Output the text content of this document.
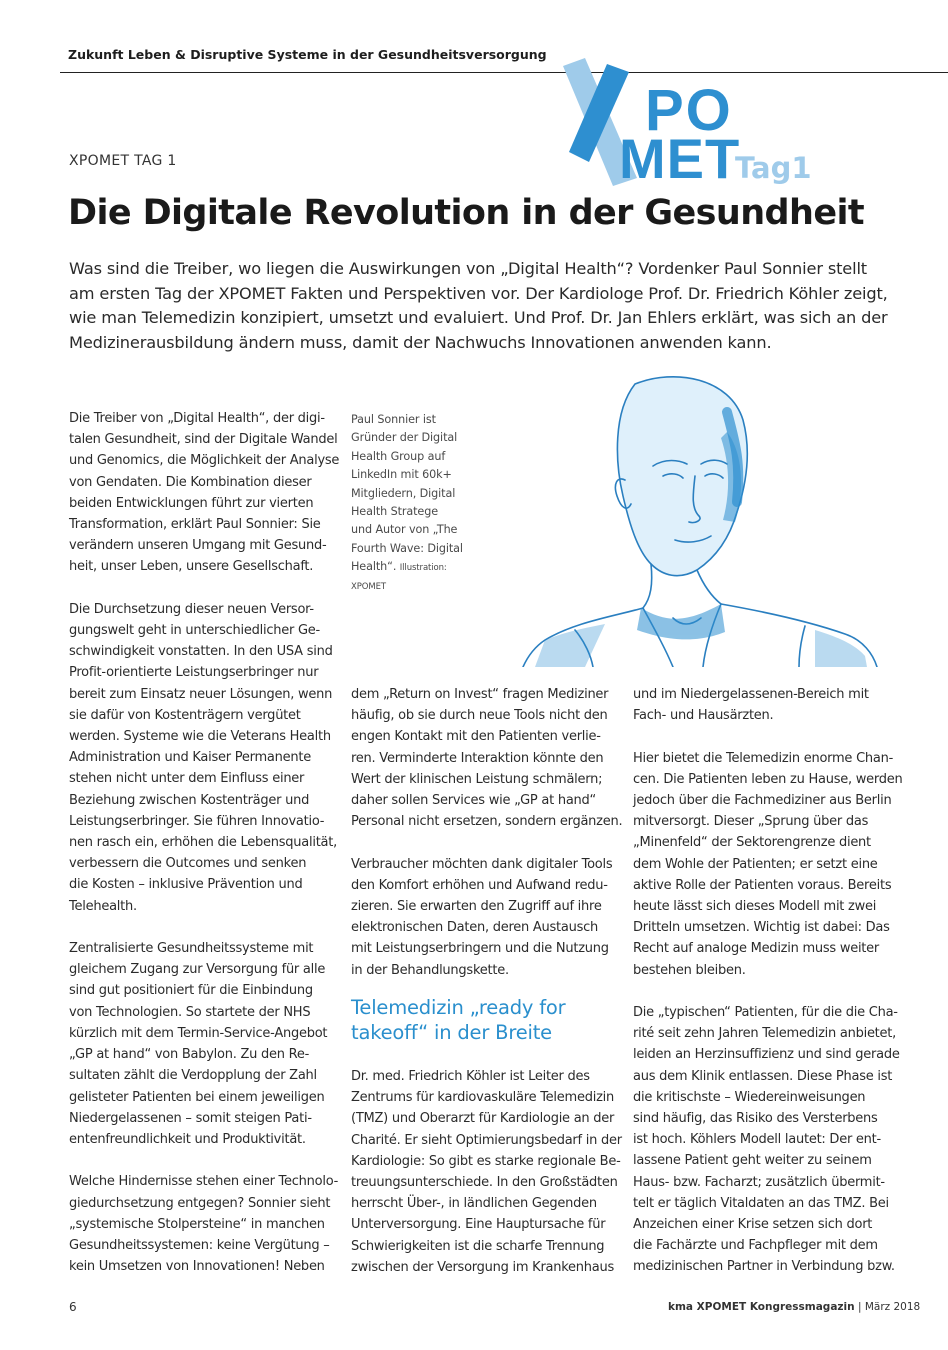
Zukunft Leben & Disruptive Systeme in der Gesundheitsversorgung
PO
MET
Tag1
XPOMET TAG 1
Die Digitale Revolution in der Gesundheit
Was sind die Treiber, wo liegen die Auswirkungen von „Digital Health“? Vordenker Paul Sonnier stellt
am ersten Tag der XPOMET Fakten und Perspektiven vor. Der Kardiologe Prof. Dr. Friedrich Köhler zeigt,
wie man Telemedizin konzipiert, umsetzt und evaluiert. Und Prof. Dr. Jan Ehlers erklärt, was sich an der
Medizinerausbildung ändern muss, damit der Nachwuchs Innovationen anwenden kann.
Paul Sonnier ist
Gründer der Digital
Health Group auf
LinkedIn mit 60k+
Mitgliedern, Digital
Health Stratege
und Autor von „The
Fourth Wave: Digital
Health“. Illustration:
XPOMET
Die Treiber von „Digital Health“, der digi-
talen Gesundheit, sind der Digitale Wandel
und Genomics, die Möglichkeit der Analyse
von Gendaten. Die Kombination dieser
beiden Entwicklungen führt zur vierten
Transformation, erklärt Paul Sonnier: Sie
verändern unseren Umgang mit Gesund-
heit, unser Leben, unsere Gesellschaft.

Die Durchsetzung dieser neuen Versor-
gungswelt geht in unterschiedlicher Ge-
schwindigkeit vonstatten. In den USA sind
Profit-orientierte Leistungserbringer nur
bereit zum Einsatz neuer Lösungen, wenn
sie dafür von Kostenträgern vergütet
werden. Systeme wie die Veterans Health
Administration und Kaiser Permanente
stehen nicht unter dem Einfluss einer
Beziehung zwischen Kostenträger und
Leistungserbringer. Sie führen Innovatio-
nen rasch ein, erhöhen die Lebensqualität,
verbessern die Outcomes und senken
die Kosten – inklusive Prävention und
Telehealth.

Zentralisierte Gesundheitssysteme mit
gleichem Zugang zur Versorgung für alle
sind gut positioniert für die Einbindung
von Technologien. So startete der NHS
kürzlich mit dem Termin-Service-Angebot
„GP at hand“ von Babylon. Zu den Re-
sultaten zählt die Verdopplung der Zahl
gelisteter Patienten bei einem jeweiligen
Niedergelassenen – somit steigen Pati-
entenfreundlichkeit und Produktivität.

Welche Hindernisse stehen einer Technolo-
giedurchsetzung entgegen? Sonnier sieht
„systemische Stolpersteine“ in manchen
Gesundheitssystemen: keine Vergütung –
kein Umsetzen von Innovationen! Neben
dem „Return on Invest“ fragen Mediziner
häufig, ob sie durch neue Tools nicht den
engen Kontakt mit den Patienten verlie-
ren. Verminderte Interaktion könnte den
Wert der klinischen Leistung schmälern;
daher sollen Services wie „GP at hand“
Personal nicht ersetzen, sondern ergänzen.

Verbraucher möchten dank digitaler Tools
den Komfort erhöhen und Aufwand redu-
zieren. Sie erwarten den Zugriff auf ihre
elektronischen Daten, deren Austausch
mit Leistungserbringern und die Nutzung
in der Behandlungskette.
Telemedizin „ready for
takeoff“ in der Breite
Dr. med. Friedrich Köhler ist Leiter des
Zentrums für kardiovaskuläre Telemedizin
(TMZ) und Oberarzt für Kardiologie an der
Charité. Er sieht Optimierungsbedarf in der
Kardiologie: So gibt es starke regionale Be-
treuungsunterschiede. In den Großstädten
herrscht Über-, in ländlichen Gegenden
Unterversorgung. Eine Hauptursache für
Schwierigkeiten ist die scharfe Trennung
zwischen der Versorgung im Krankenhaus
und im Niedergelassenen-Bereich mit
Fach- und Hausärzten.

Hier bietet die Telemedizin enorme Chan-
cen. Die Patienten leben zu Hause, werden
jedoch über die Fachmediziner aus Berlin
mitversorgt. Dieser „Sprung über das
„Minenfeld“ der Sektorengrenze dient
dem Wohle der Patienten; er setzt eine
aktive Rolle der Patienten voraus. Bereits
heute lässt sich dieses Modell mit zwei
Dritteln umsetzen. Wichtig ist dabei: Das
Recht auf analoge Medizin muss weiter
bestehen bleiben.

Die „typischen“ Patienten, für die die Cha-
rité seit zehn Jahren Telemedizin anbietet,
leiden an Herzinsuffizienz und sind gerade
aus dem Klinik entlassen. Diese Phase ist
die kritischste – Wiedereinweisungen
sind häufig, das Risiko des Versterbens
ist hoch. Köhlers Modell lautet: Der ent-
lassene Patient geht weiter zu seinem
Haus- bzw. Facharzt; zusätzlich übermit-
telt er täglich Vitaldaten an das TMZ. Bei
Anzeichen einer Krise setzen sich dort
die Fachärzte und Fachpfleger mit dem
medizinischen Partner in Verbindung bzw.
6	kma XPOMET Kongressmagazin | März 2018
